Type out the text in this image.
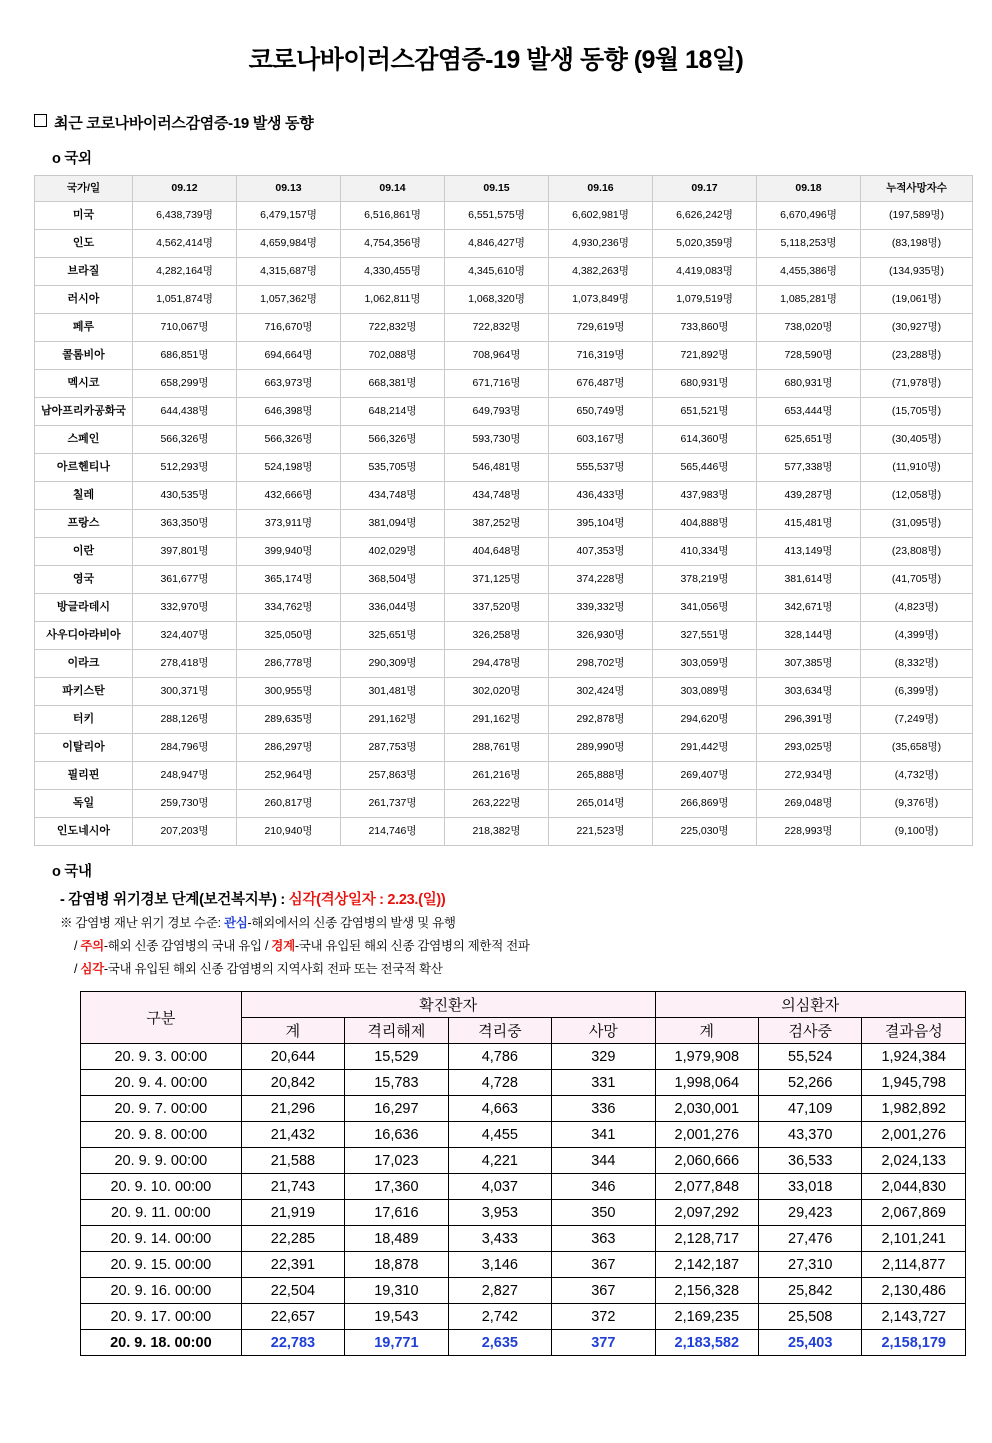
코로나바이러스감염증-19 발생 동향 (9월 18일)
최근 코로나바이러스감염증-19 발생 동향
o 국외
국가/일	09.12	09.13	09.14	09.15	09.16	09.17	09.18	누적사망자수
미국	6,438,739명	6,479,157명	6,516,861명	6,551,575명	6,602,981명	6,626,242명	6,670,496명	(197,589명)
인도	4,562,414명	4,659,984명	4,754,356명	4,846,427명	4,930,236명	5,020,359명	5,118,253명	(83,198명)
브라질	4,282,164명	4,315,687명	4,330,455명	4,345,610명	4,382,263명	4,419,083명	4,455,386명	(134,935명)
러시아	1,051,874명	1,057,362명	1,062,811명	1,068,320명	1,073,849명	1,079,519명	1,085,281명	(19,061명)
페루	710,067명	716,670명	722,832명	722,832명	729,619명	733,860명	738,020명	(30,927명)
콜롬비아	686,851명	694,664명	702,088명	708,964명	716,319명	721,892명	728,590명	(23,288명)
멕시코	658,299명	663,973명	668,381명	671,716명	676,487명	680,931명	680,931명	(71,978명)
남아프리카공화국	644,438명	646,398명	648,214명	649,793명	650,749명	651,521명	653,444명	(15,705명)
스페인	566,326명	566,326명	566,326명	593,730명	603,167명	614,360명	625,651명	(30,405명)
아르헨티나	512,293명	524,198명	535,705명	546,481명	555,537명	565,446명	577,338명	(11,910명)
칠레	430,535명	432,666명	434,748명	434,748명	436,433명	437,983명	439,287명	(12,058명)
프랑스	363,350명	373,911명	381,094명	387,252명	395,104명	404,888명	415,481명	(31,095명)
이란	397,801명	399,940명	402,029명	404,648명	407,353명	410,334명	413,149명	(23,808명)
영국	361,677명	365,174명	368,504명	371,125명	374,228명	378,219명	381,614명	(41,705명)
방글라데시	332,970명	334,762명	336,044명	337,520명	339,332명	341,056명	342,671명	(4,823명)
사우디아라비아	324,407명	325,050명	325,651명	326,258명	326,930명	327,551명	328,144명	(4,399명)
이라크	278,418명	286,778명	290,309명	294,478명	298,702명	303,059명	307,385명	(8,332명)
파키스탄	300,371명	300,955명	301,481명	302,020명	302,424명	303,089명	303,634명	(6,399명)
터키	288,126명	289,635명	291,162명	291,162명	292,878명	294,620명	296,391명	(7,249명)
이탈리아	284,796명	286,297명	287,753명	288,761명	289,990명	291,442명	293,025명	(35,658명)
필리핀	248,947명	252,964명	257,863명	261,216명	265,888명	269,407명	272,934명	(4,732명)
독일	259,730명	260,817명	261,737명	263,222명	265,014명	266,869명	269,048명	(9,376명)
인도네시아	207,203명	210,940명	214,746명	218,382명	221,523명	225,030명	228,993명	(9,100명)
o 국내
- 감염병 위기경보 단계(보건복지부) : 심각(격상일자 : 2.23.(일))
※ 감염병 재난 위기 경보 수준: 관심-해외에서의 신종 감염병의 발생 및 유행
/ 주의-해외 신종 감염병의 국내 유입 / 경계-국내 유입된 해외 신종 감염병의 제한적 전파
/ 심각-국내 유입된 해외 신종 감염병의 지역사회 전파 또는 전국적 확산
구분	확진환자				의심환자		
	계	격리해제	격리중	사망	계	검사중	결과음성
20. 9. 3. 00:00	20,644	15,529	4,786	329	1,979,908	55,524	1,924,384
20. 9. 4. 00:00	20,842	15,783	4,728	331	1,998,064	52,266	1,945,798
20. 9. 7. 00:00	21,296	16,297	4,663	336	2,030,001	47,109	1,982,892
20. 9. 8. 00:00	21,432	16,636	4,455	341	2,001,276	43,370	2,001,276
20. 9. 9. 00:00	21,588	17,023	4,221	344	2,060,666	36,533	2,024,133
20. 9. 10. 00:00	21,743	17,360	4,037	346	2,077,848	33,018	2,044,830
20. 9. 11. 00:00	21,919	17,616	3,953	350	2,097,292	29,423	2,067,869
20. 9. 14. 00:00	22,285	18,489	3,433	363	2,128,717	27,476	2,101,241
20. 9. 15. 00:00	22,391	18,878	3,146	367	2,142,187	27,310	2,114,877
20. 9. 16. 00:00	22,504	19,310	2,827	367	2,156,328	25,842	2,130,486
20. 9. 17. 00:00	22,657	19,543	2,742	372	2,169,235	25,508	2,143,727
20. 9. 18. 00:00	22,783	19,771	2,635	377	2,183,582	25,403	2,158,179
